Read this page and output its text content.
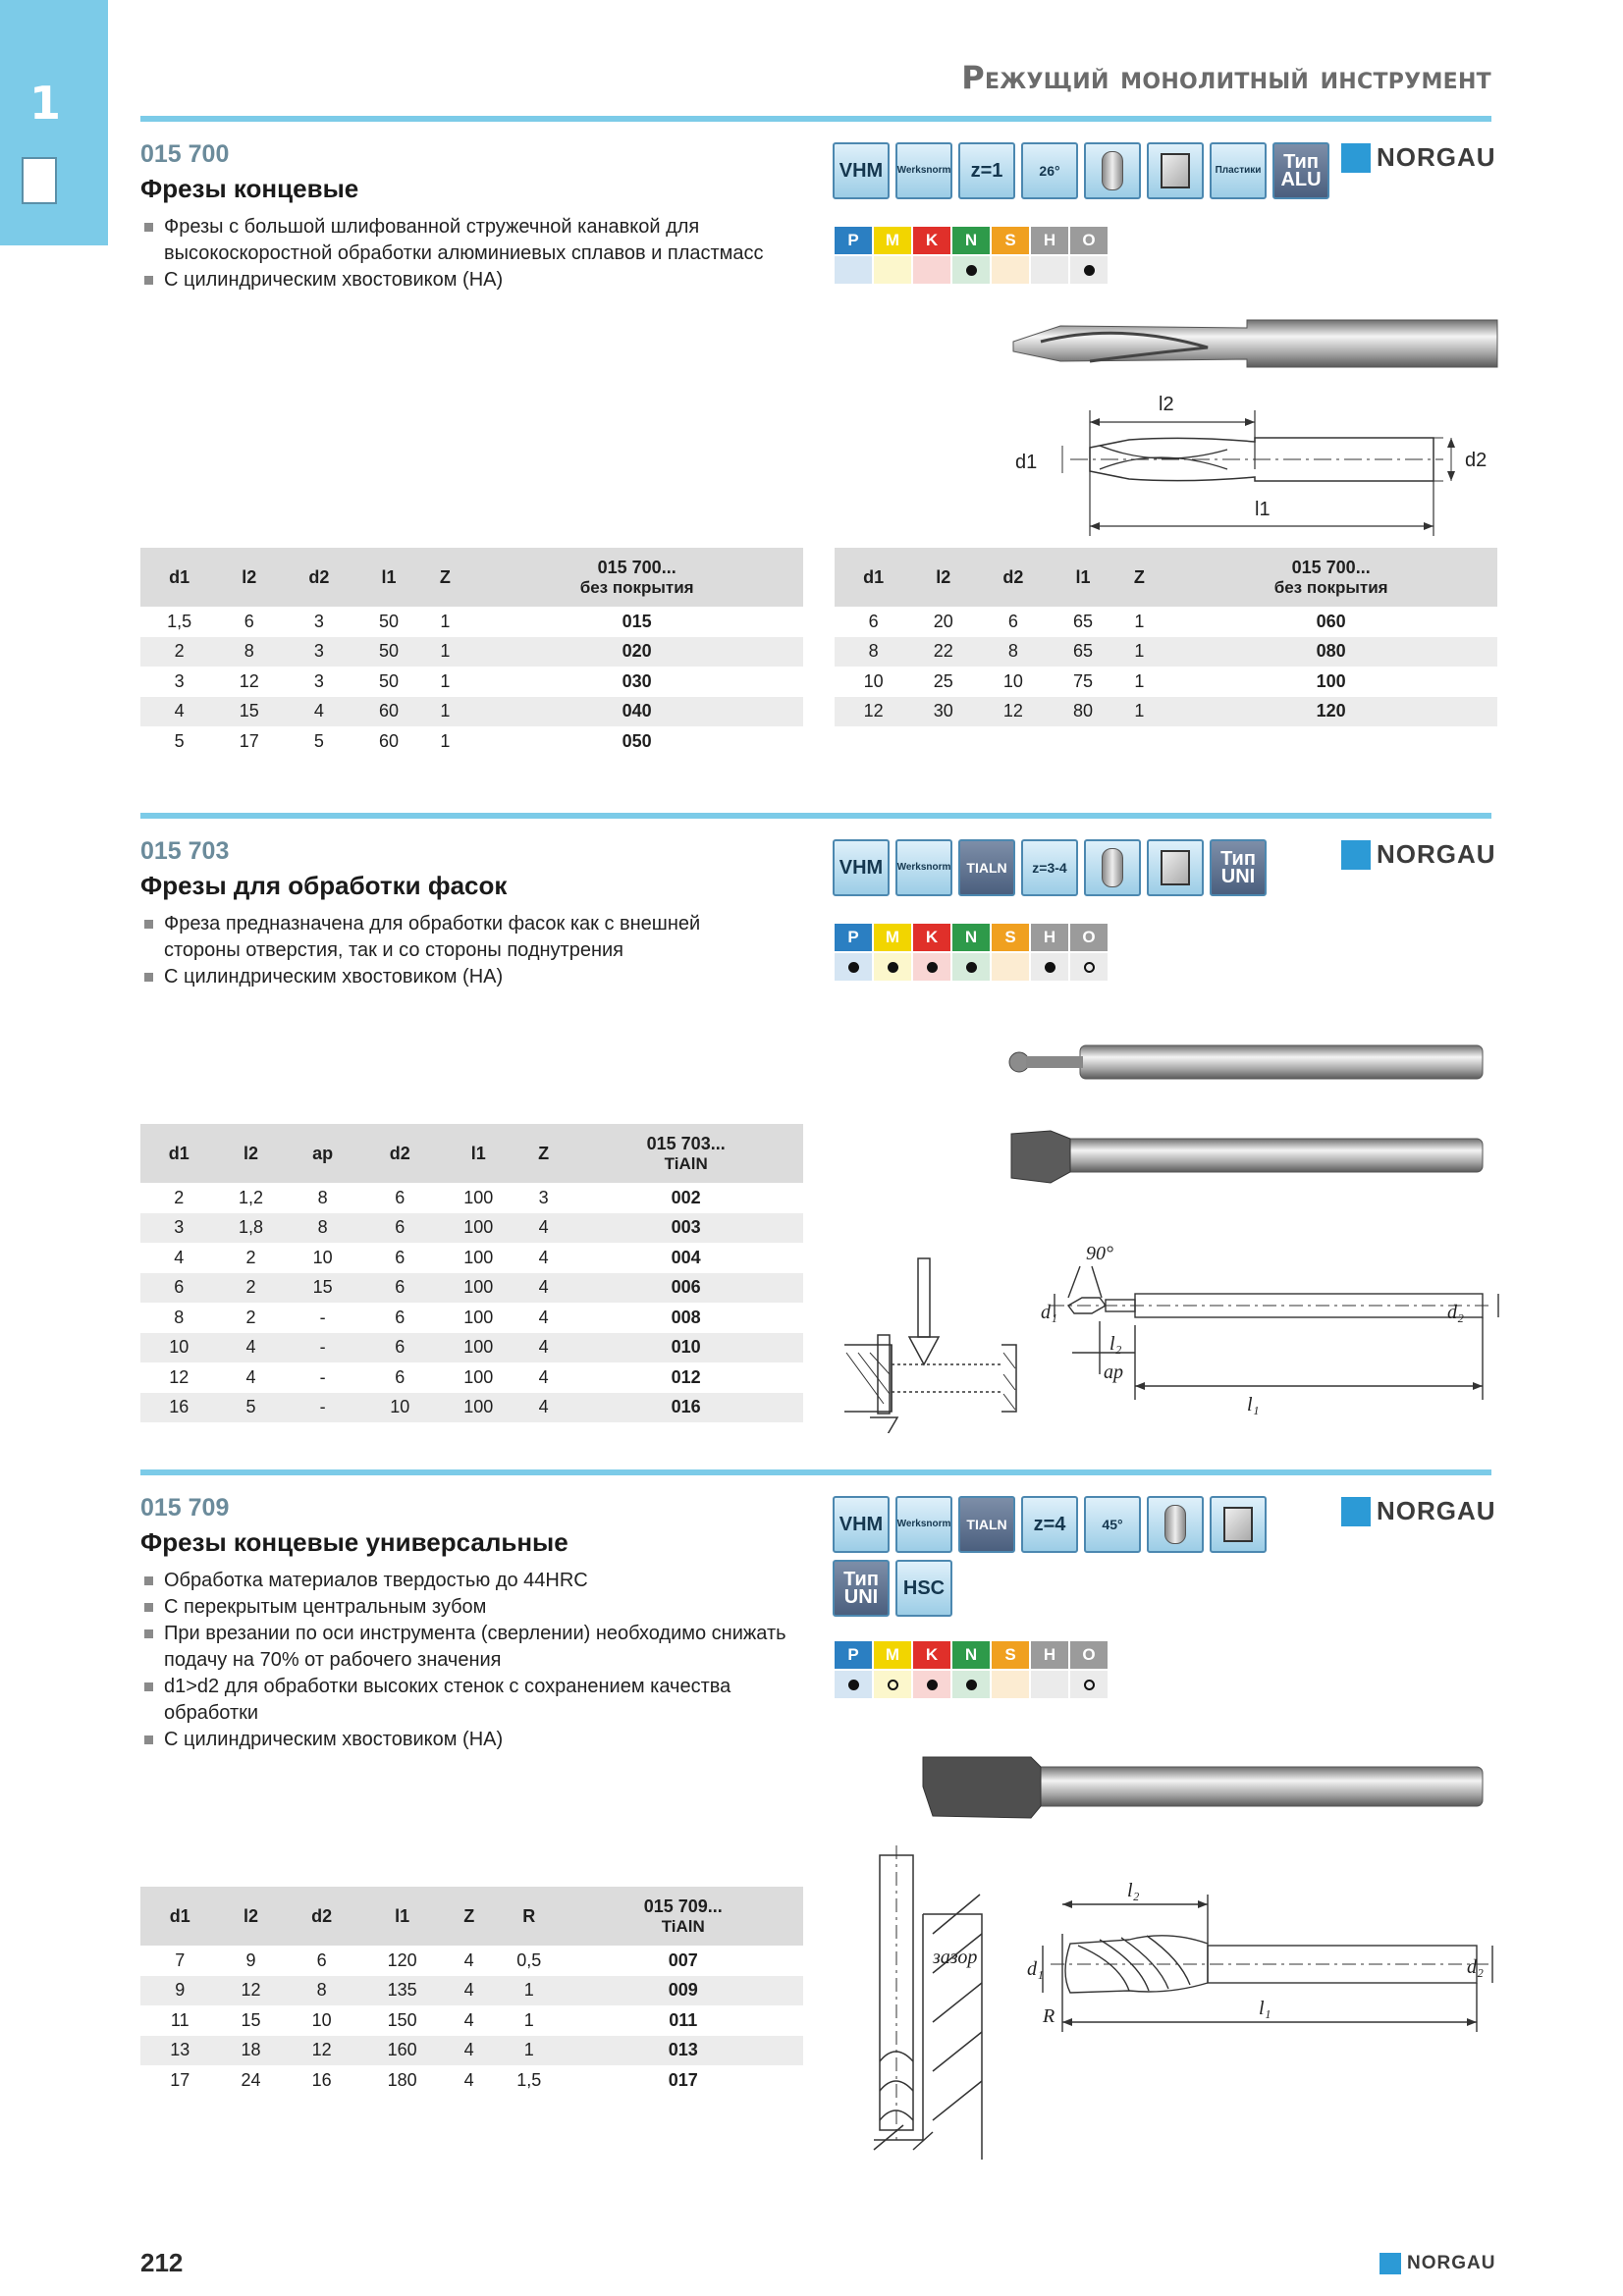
1	Режущий монолитный инструмент
015 700
Фрезы концевые
Фрезы с большой шлифованной стружечной канавкой для высокоскоростной обработки алюминиевых сплавов и пластмасс
С цилиндрическим хвостовиком (НА)
VHM	Werksnorm	z=1	26°	Пластики	Тип ALU
NORGAU
P	M	K	N	S	H	O
l2
d1	d2
l1
d1	l2	d2	l1	Z	015 700...
без покрытия

1,5	6	3	50	1	015
2	8	3	50	1	020
3	12	3	50	1	030
4	15	4	60	1	040
5	17	5	60	1	050
d1	l2	d2	l1	Z	015 700...
без покрытия

6	20	6	65	1	060
8	22	8	65	1	080
10	25	10	75	1	100
12	30	12	80	1	120
015 703
Фрезы для обработки фасок
Фреза предназначена для обработки фасок как с внешней стороны отверстия, так и со стороны поднутрения
С цилиндрическим хвостовиком (НА)
VHM	Werksnorm	TIALN	z=3-4	Тип UNI
NORGAU
P	M	K	N	S	H	O
90°
d₁
l₂
ap
l₁
d₂
d1	l2	ap	d2	l1	Z	015 703...
TiAlN

2	1,2	8	6	100	3	002
3	1,8	8	6	100	4	003
4	2	10	6	100	4	004
6	2	15	6	100	4	006
8	2	-	6	100	4	008
10	4	-	6	100	4	010
12	4	-	6	100	4	012
16	5	-	10	100	4	016
015 709
Фрезы концевые универсальные
Обработка материалов твердостью до 44HRC
С перекрытым центральным зубом
При врезании по оси инструмента (сверлении) необходимо снижать подачу на 70% от рабочего значения
d1>d2 для обработки высоких стенок с сохранением качества обработки
С цилиндрическим хвостовиком (НА)
VHM	Werksnorm	TIALN	z=4	45°
Тип UNI	HSC
NORGAU
P	M	K	N	S	H	O
зазор
l₂
d₁	d₂
R	l₁
d1	l2	d2	l1	Z	R	015 709...
TiAlN

7	9	6	120	4	0,5	007
9	12	8	135	4	1	009
11	15	10	150	4	1	011
13	18	12	160	4	1	013
17	24	16	180	4	1,5	017
212	NORGAU
